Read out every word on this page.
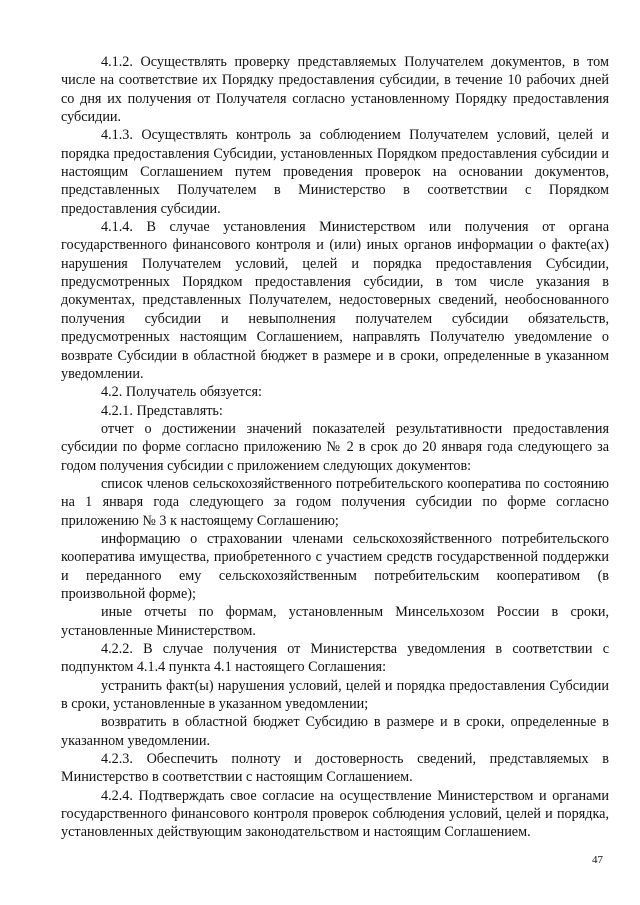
4.1.2. Осуществлять проверку представляемых Получателем документов, в том числе на соответствие их Порядку предоставления субсидии, в течение 10 рабочих дней со дня их получения от Получателя согласно установленному Порядку предоставления субсидии.

4.1.3. Осуществлять контроль за соблюдением Получателем условий, целей и порядка предоставления Субсидии, установленных Порядком предоставления субсидии и настоящим Соглашением путем проведения проверок на основании документов, представленных Получателем в Министерство в соответствии с Порядком предоставления субсидии.

4.1.4. В случае установления Министерством или получения от органа государственного финансового контроля и (или) иных органов информации о факте(ах) нарушения Получателем условий, целей и порядка предоставления Субсидии, предусмотренных Порядком предоставления субсидии, в том числе указания в документах, представленных Получателем, недостоверных сведений, необоснованного получения субсидии и невыполнения получателем субсидии обязательств, предусмотренных настоящим Соглашением, направлять Получателю уведомление о возврате Субсидии в областной бюджет в размере и в сроки, определенные в указанном уведомлении.

4.2. Получатель обязуется:

4.2.1. Представлять:

отчет о достижении значений показателей результативности предоставления субсидии по форме согласно приложению № 2 в срок до 20 января года следующего за годом получения субсидии с приложением следующих документов:

список членов сельскохозяйственного потребительского кооператива по состоянию на 1 января года следующего за годом получения субсидии по форме согласно приложению № 3 к настоящему Соглашению;

информацию о страховании членами сельскохозяйственного потребительского кооператива имущества, приобретенного с участием средств государственной поддержки и переданного ему сельскохозяйственным потребительским кооперативом (в произвольной форме);

иные отчеты по формам, установленным Минсельхозом России в сроки, установленные Министерством.

4.2.2. В случае получения от Министерства уведомления в соответствии с подпунктом 4.1.4 пункта 4.1 настоящего Соглашения:

устранить факт(ы) нарушения условий, целей и порядка предоставления Субсидии в сроки, установленные в указанном уведомлении;

возвратить в областной бюджет Субсидию в размере и в сроки, определенные в указанном уведомлении.

4.2.3. Обеспечить полноту и достоверность сведений, представляемых в Министерство в соответствии с настоящим Соглашением.

4.2.4. Подтверждать свое согласие на осуществление Министерством и органами государственного финансового контроля проверок соблюдения условий, целей и порядка, установленных действующим законодательством и настоящим Соглашением.

47
